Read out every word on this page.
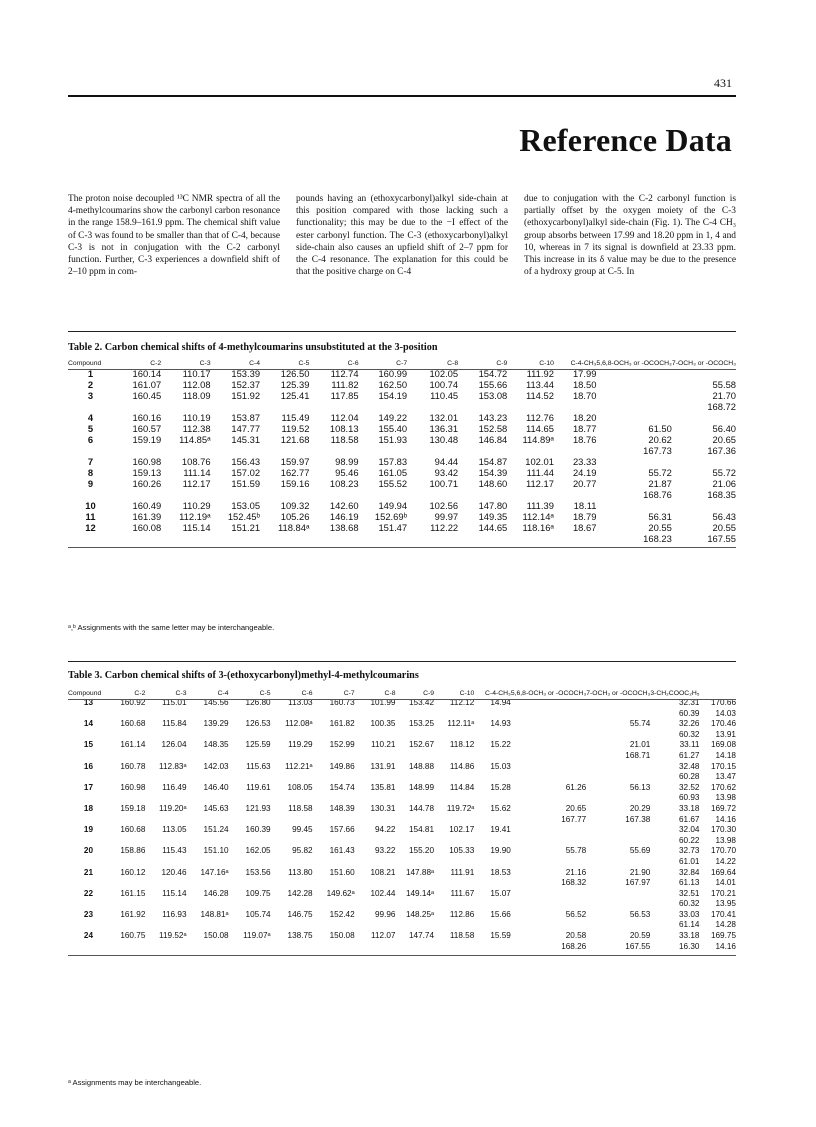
431
Reference Data
The proton noise decoupled ¹³C NMR spectra of all the 4-methylcoumarins show the carbonyl carbon resonance in the range 158.9–161.9 ppm. The chemical shift value of C-3 was found to be smaller than that of C-4, because C-3 is not in conjugation with the C-2 carbonyl function. Further, C-3 experiences a downfield shift of 2–10 ppm in com-
pounds having an (ethoxycarbonyl)alkyl side-chain at this position compared with those lacking such a functionality; this may be due to the −I effect of the ester carbonyl function. The C-3 (ethoxycarbonyl)alkyl side-chain also causes an upfield shift of 2–7 ppm for the C-4 resonance. The explanation for this could be that the positive charge on C-4
due to conjugation with the C-2 carbonyl function is partially offset by the oxygen moiety of the C-3 (ethoxycarbonyl)alkyl side-chain (Fig. 1). The C-4 CH₃ group absorbs between 17.99 and 18.20 ppm in 1, 4 and 10, whereas in 7 its signal is downfield at 23.33 ppm. This increase in its δ value may be due to the presence of a hydroxy group at C-5. In
Table 2. Carbon chemical shifts of 4-methylcoumarins unsubstituted at the 3-position
Compound	C-2	C-3	C-4	C-5	C-6	C-7	C-8	C-9	C-10	C-4-CH₃	5,6,8-OCH₃ or -OCOCH₃	7-OCH₃ or -OCOCH₃
1	160.14	110.17	153.39	126.50	112.74	160.99	102.05	154.72	111.92	17.99		
2	161.07	112.08	152.37	125.39	111.82	162.50	100.74	155.66	113.44	18.50		55.58
3	160.45	118.09	151.92	125.41	117.85	154.19	110.45	153.08	114.52	18.70		21.70
												168.72
4	160.16	110.19	153.87	115.49	112.04	149.22	132.01	143.23	112.76	18.20		
5	160.57	112.38	147.77	119.52	108.13	155.40	136.31	152.58	114.65	18.77	61.50	56.40
6	159.19	114.85ᵃ	145.31	121.68	118.58	151.93	130.48	146.84	114.89ᵃ	18.76	20.62	20.65
											167.73	167.36
7	160.98	108.76	156.43	159.97	98.99	157.83	94.44	154.87	102.01	23.33		
8	159.13	111.14	157.02	162.77	95.46	161.05	93.42	154.39	111.44	24.19	55.72	55.72
9	160.26	112.17	151.59	159.16	108.23	155.52	100.71	148.60	112.17	20.77	21.87	21.06
											168.76	168.35
10	160.49	110.29	153.05	109.32	142.60	149.94	102.56	147.80	111.39	18.11		
11	161.39	112.19ᵃ	152.45ᵇ	105.26	146.19	152.69ᵇ	99.97	149.35	112.14ᵃ	18.79	56.31	56.43
12	160.08	115.14	151.21	118.84ᵃ	138.68	151.47	112.22	144.65	118.16ᵃ	18.67	20.55	20.55
											168.23	167.55
ᵃ,ᵇ Assignments with the same letter may be interchangeable.
Table 3. Carbon chemical shifts of 3-(ethoxycarbonyl)methyl-4-methylcoumarins
Compound	C-2	C-3	C-4	C-5	C-6	C-7	C-8	C-9	C-10	C-4-CH₃	5,6,8-OCH₃ or -OCOCH₃	7-OCH₃ or -OCOCH₃	3-CH₂COOC₂H₅	
13	160.92	115.01	145.56	126.80	113.03	160.73	101.99	153.42	112.12	14.94			32.31	170.66
													60.39	14.03
14	160.68	115.84	139.29	126.53	112.08ᵃ	161.82	100.35	153.25	112.11ᵃ	14.93		55.74	32.26	170.46
													60.32	13.91
15	161.14	126.04	148.35	125.59	119.29	152.99	110.21	152.67	118.12	15.22		21.01	33.11	169.08
												168.71	61.27	14.18
16	160.78	112.83ᵃ	142.03	115.63	112.21ᵃ	149.86	131.91	148.88	114.86	15.03			32.48	170.15
													60.28	13.47
17	160.98	116.49	146.40	119.61	108.05	154.74	135.81	148.99	114.84	15.28	61.26	56.13	32.52	170.62
													60.93	13.98
18	159.18	119.20ᵃ	145.63	121.93	118.58	148.39	130.31	144.78	119.72ᵃ	15.62	20.65	20.29	33.18	169.72
											167.77	167.38	61.67	14.16
19	160.68	113.05	151.24	160.39	99.45	157.66	94.22	154.81	102.17	19.41			32.04	170.30
													60.22	13.98
20	158.86	115.43	151.10	162.05	95.82	161.43	93.22	155.20	105.33	19.90	55.78	55.69	32.73	170.70
													61.01	14.22
21	160.12	120.46	147.16ᵃ	153.56	113.80	151.60	108.21	147.88ᵃ	111.91	18.53	21.16	21.90	32.84	169.64
											168.32	167.97	61.13	14.01
22	161.15	115.14	146.28	109.75	142.28	149.62ᵃ	102.44	149.14ᵃ	111.67	15.07			32.51	170.21
													60.32	13.95
23	161.92	116.93	148.81ᵃ	105.74	146.75	152.42	99.96	148.25ᵃ	112.86	15.66	56.52	56.53	33.03	170.41
													61.14	14.28
24	160.75	119.52ᵃ	150.08	119.07ᵃ	138.75	150.08	112.07	147.74	118.58	15.59	20.58	20.59	33.18	169.75
											168.26	167.55	16.30	14.16
ᵃ Assignments may be interchangeable.
